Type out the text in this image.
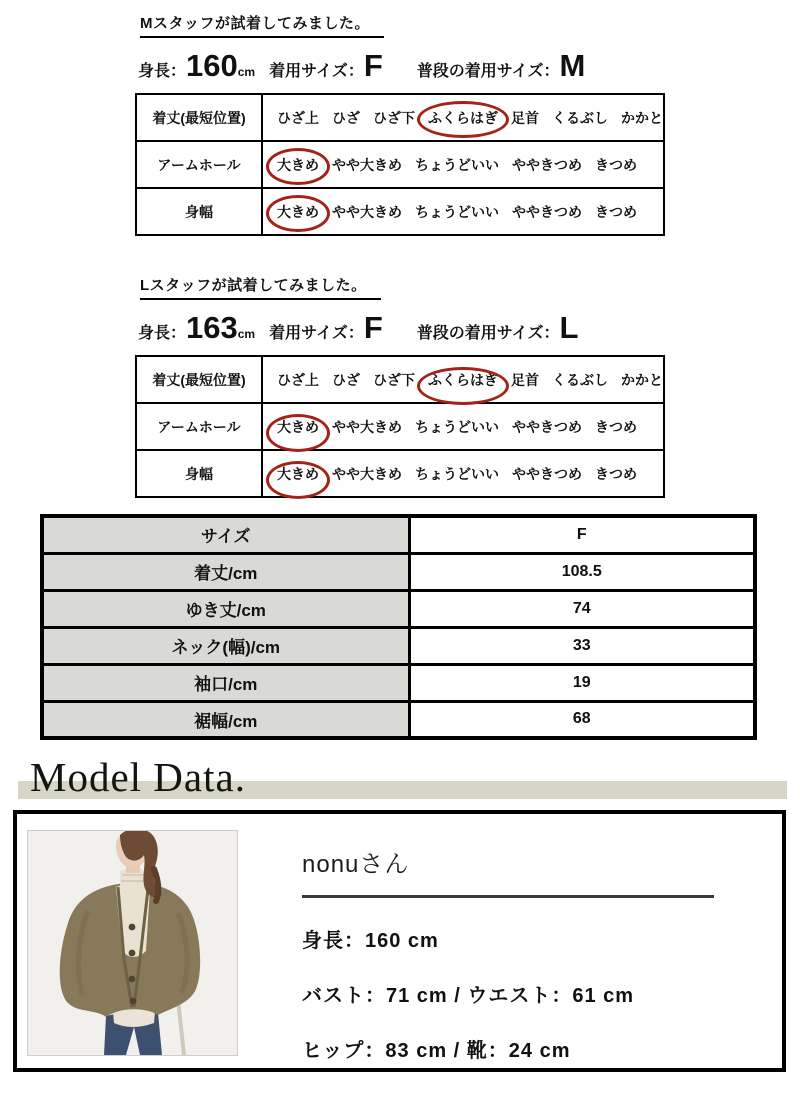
Mスタッフが試着してみました。
身長： 160 cm 着用サイズ： F 普段の着用サイズ： M
着丈(最短位置)	ひざ上 ひざ ひざ下 ふくらはぎ 足首 くるぶし かかと

アームホール	大きめ やや大きめ ちょうどいい ややきつめ きつめ

身幅	大きめ やや大きめ ちょうどいい ややきつめ きつめ
Lスタッフが試着してみました。
身長： 163 cm 着用サイズ： F 普段の着用サイズ： L
着丈(最短位置)	ひざ上 ひざ ひざ下 ふくらはぎ 足首 くるぶし かかと

アームホール	大きめ やや大きめ ちょうどいい ややきつめ きつめ

身幅	大きめ やや大きめ ちょうどいい ややきつめ きつめ
サイズ	F
着丈/cm	108.5
ゆき丈/cm	74
ネック(幅)/cm	33
袖口/cm	19
裾幅/cm	68
Model Data.
nonuさん
身長：160 cm
バスト：71 cm / ウエスト：61 cm
ヒップ：83 cm / 靴：24 cm
